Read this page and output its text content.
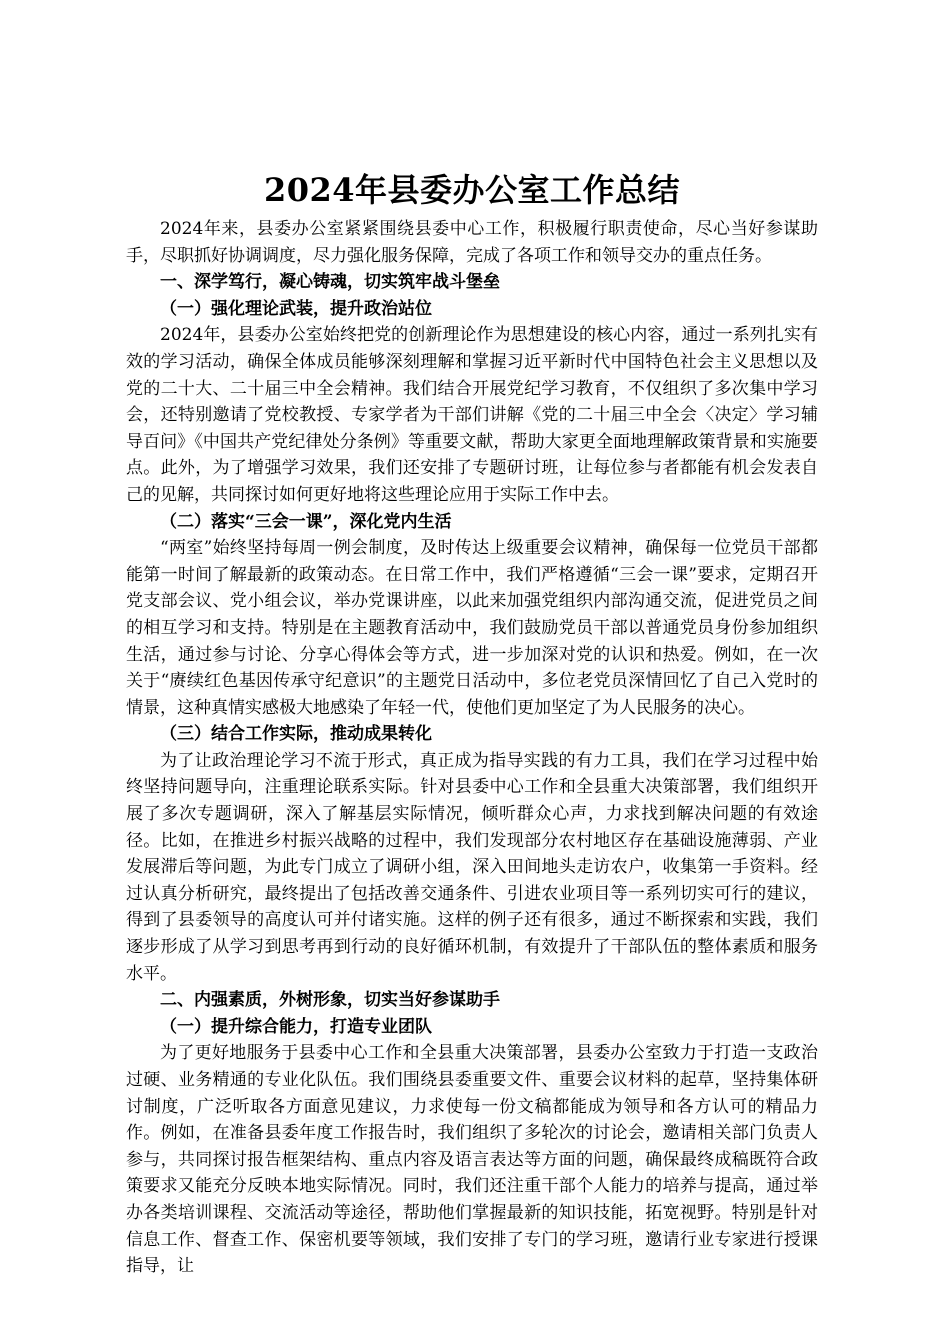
2024年县委办公室工作总结

2024年来，县委办公室紧紧围绕县委中心工作，积极履行职责使命，尽心当好参谋助手，尽职抓好协调调度，尽力强化服务保障，完成了各项工作和领导交办的重点任务。

一、深学笃行，凝心铸魂，切实筑牢战斗堡垒

（一）强化理论武装，提升政治站位

2024年，县委办公室始终把党的创新理论作为思想建设的核心内容，通过一系列扎实有效的学习活动，确保全体成员能够深刻理解和掌握习近平新时代中国特色社会主义思想以及党的二十大、二十届三中全会精神。我们结合开展党纪学习教育，不仅组织了多次集中学习会，还特别邀请了党校教授、专家学者为干部们讲解《党的二十届三中全会〈决定〉学习辅导百问》《中国共产党纪律处分条例》等重要文献，帮助大家更全面地理解政策背景和实施要点。此外，为了增强学习效果，我们还安排了专题研讨班，让每位参与者都能有机会发表自己的见解，共同探讨如何更好地将这些理论应用于实际工作中去。

（二）落实“三会一课”，深化党内生活

“两室”始终坚持每周一例会制度，及时传达上级重要会议精神，确保每一位党员干部都能第一时间了解最新的政策动态。在日常工作中，我们严格遵循“三会一课”要求，定期召开党支部会议、党小组会议，举办党课讲座，以此来加强党组织内部沟通交流，促进党员之间的相互学习和支持。特别是在主题教育活动中，我们鼓励党员干部以普通党员身份参加组织生活，通过参与讨论、分享心得体会等方式，进一步加深对党的认识和热爱。例如，在一次关于“赓续红色基因传承守纪意识”的主题党日活动中，多位老党员深情回忆了自己入党时的情景，这种真情实感极大地感染了年轻一代，使他们更加坚定了为人民服务的决心。

（三）结合工作实际，推动成果转化

为了让政治理论学习不流于形式，真正成为指导实践的有力工具，我们在学习过程中始终坚持问题导向，注重理论联系实际。针对县委中心工作和全县重大决策部署，我们组织开展了多次专题调研，深入了解基层实际情况，倾听群众心声，力求找到解决问题的有效途径。比如，在推进乡村振兴战略的过程中，我们发现部分农村地区存在基础设施薄弱、产业发展滞后等问题，为此专门成立了调研小组，深入田间地头走访农户，收集第一手资料。经过认真分析研究，最终提出了包括改善交通条件、引进农业项目等一系列切实可行的建议，得到了县委领导的高度认可并付诸实施。这样的例子还有很多，通过不断探索和实践，我们逐步形成了从学习到思考再到行动的良好循环机制，有效提升了干部队伍的整体素质和服务水平。

二、内强素质，外树形象，切实当好参谋助手

（一）提升综合能力，打造专业团队

为了更好地服务于县委中心工作和全县重大决策部署，县委办公室致力于打造一支政治过硬、业务精通的专业化队伍。我们围绕县委重要文件、重要会议材料的起草，坚持集体研讨制度，广泛听取各方面意见建议，力求使每一份文稿都能成为领导和各方认可的精品力作。例如，在准备县委年度工作报告时，我们组织了多轮次的讨论会，邀请相关部门负责人参与，共同探讨报告框架结构、重点内容及语言表达等方面的问题，确保最终成稿既符合政策要求又能充分反映本地实际情况。同时，我们还注重干部个人能力的培养与提高，通过举办各类培训课程、交流活动等途径，帮助他们掌握最新的知识技能，拓宽视野。特别是针对信息工作、督查工作、保密机要等领域，我们安排了专门的学习班，邀请行业专家进行授课指导，让
